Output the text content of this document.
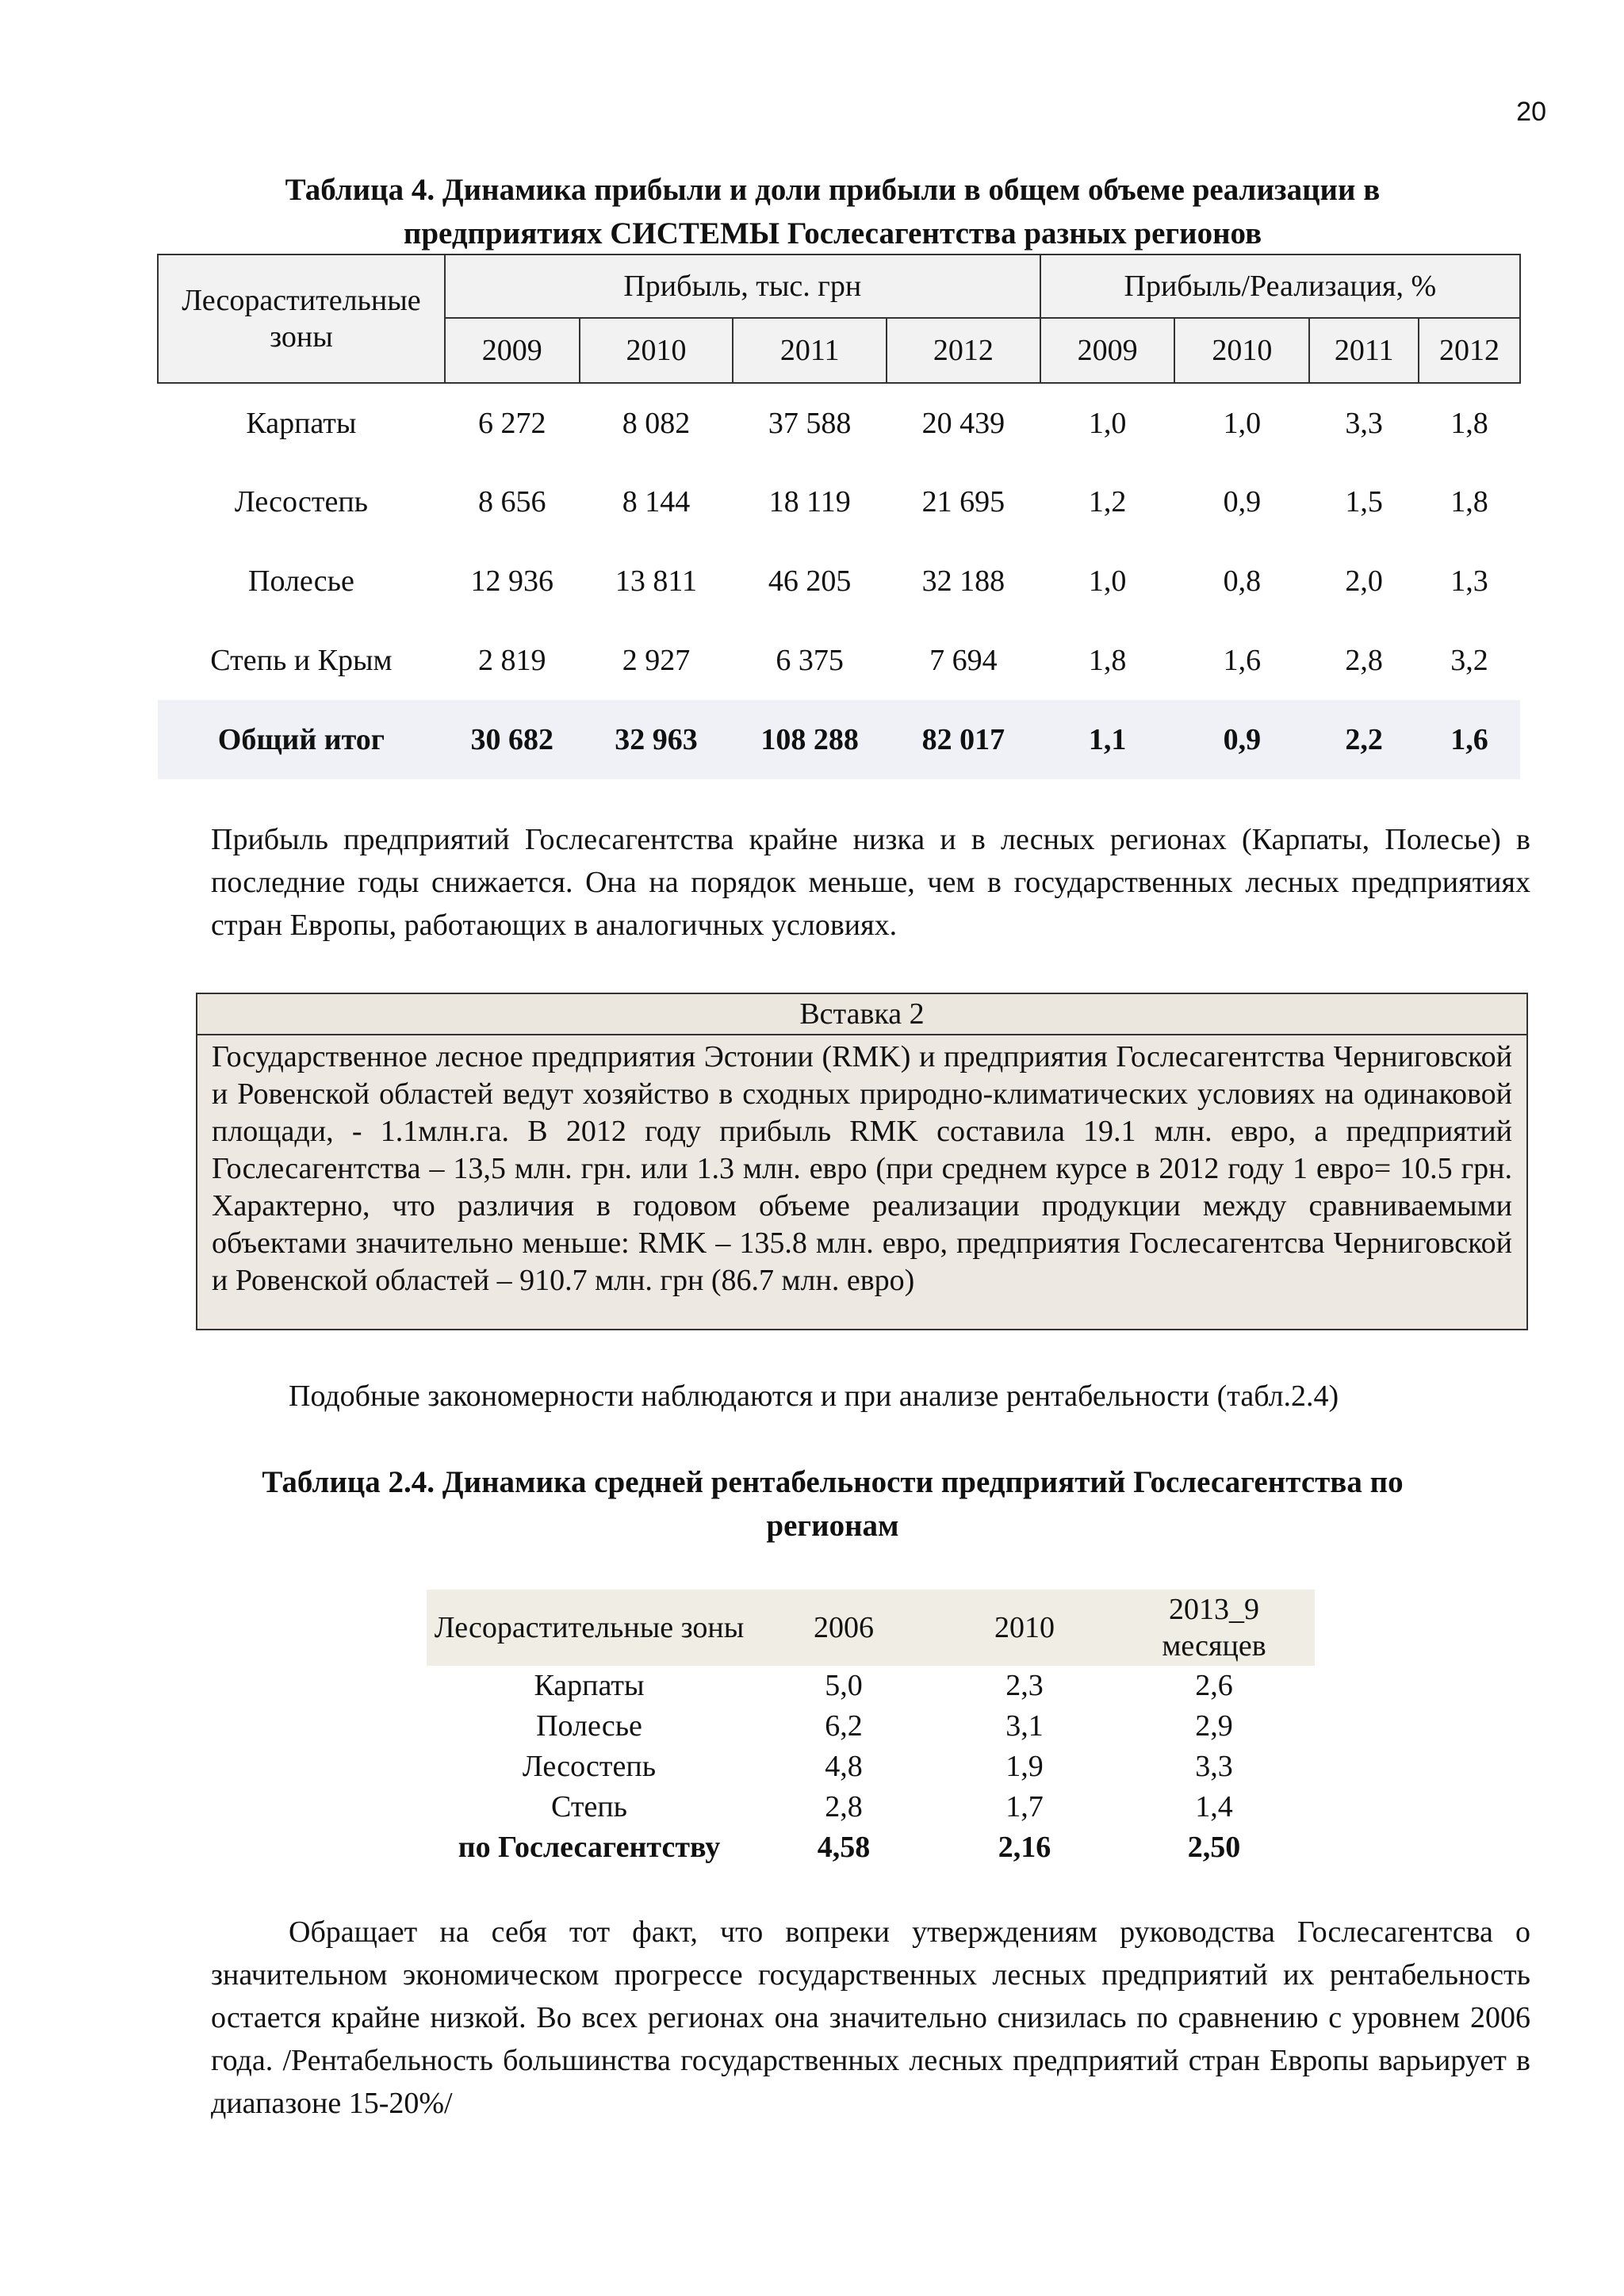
20
Таблица 4. Динамика прибыли и доли прибыли в общем объеме реализации в
предприятиях СИСТЕМЫ Гослесагентства разных регионов
Лесорастительные зоны	Прибыль, тыс. грн				Прибыль/Реализация, %			
	2009	2010	2011	2012	2009	2010	2011	2012
Карпаты	6 272	8 082	37 588	20 439	1,0	1,0	3,3	1,8
Лесостепь	8 656	8 144	18 119	21 695	1,2	0,9	1,5	1,8
Полесье	12 936	13 811	46 205	32 188	1,0	0,8	2,0	1,3
Степь и Крым	2 819	2 927	6 375	7 694	1,8	1,6	2,8	3,2
Общий итог	30 682	32 963	108 288	82 017	1,1	0,9	2,2	1,6
Прибыль предприятий Гослесагентства крайне низка и в лесных регионах (Карпаты, Полесье) в последние годы снижается. Она на порядок меньше, чем в государственных лесных предприятиях стран Европы, работающих в аналогичных условиях.
Вставка 2
Государственное лесное предприятия Эстонии (RMK) и предприятия Гослесагентства Черниговской и Ровенской областей ведут хозяйство в сходных природно-климатических условиях на одинаковой площади, - 1.1млн.га. В 2012 году прибыль RMK составила 19.1 млн. евро, а предприятий Гослесагентства – 13,5 млн. грн. или 1.3 млн. евро (при среднем курсе в 2012 году 1 евро= 10.5 грн. Характерно, что различия в годовом объеме реализации продукции между сравниваемыми объектами значительно меньше: RMK – 135.8 млн. евро, предприятия Гослесагентсва Черниговской и Ровенской областей – 910.7 млн. грн (86.7 млн. евро)
Подобные закономерности наблюдаются и при анализе рентабельности (табл.2.4)
Таблица 2.4. Динамика средней рентабельности предприятий Гослесагентства по
регионам
Лесорастительные зоны	2006	2010	2013_9 месяцев
Карпаты	5,0	2,3	2,6
Полесье	6,2	3,1	2,9
Лесостепь	4,8	1,9	3,3
Степь	2,8	1,7	1,4
по Гослесагентству	4,58	2,16	2,50
Обращает на себя тот факт, что вопреки утверждениям руководства Гослесагентсва о значительном экономическом прогрессе государственных лесных предприятий их рентабельность остается крайне низкой. Во всех регионах она значительно снизилась по сравнению с уровнем 2006 года. /Рентабельность большинства государственных лесных предприятий стран Европы варьирует в диапазоне 15-20%/
